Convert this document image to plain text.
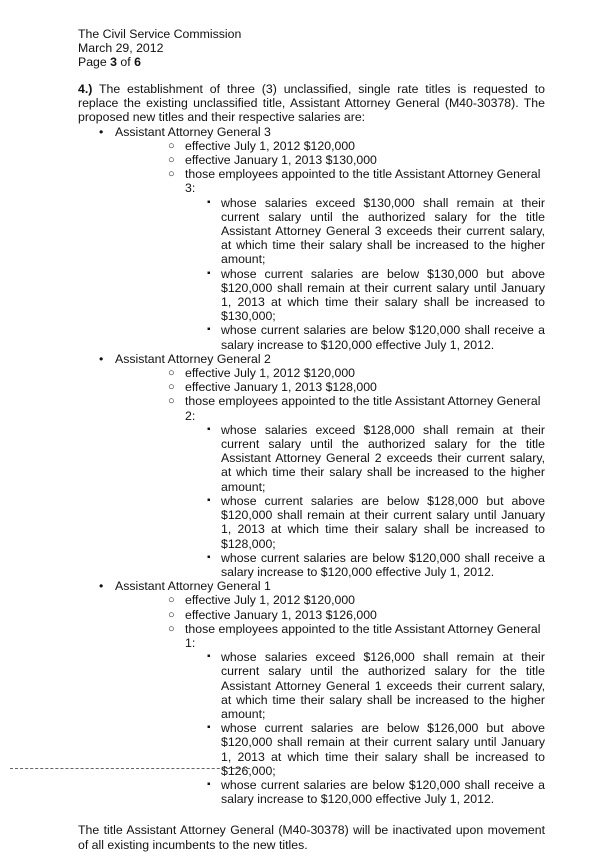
The Civil Service Commission
March 29, 2012
Page 3 of 6

4.) The establishment of three (3) unclassified, single rate titles is requested to replace the existing unclassified title, Assistant Attorney General (M40-30378). The proposed new titles and their respective salaries are:

• Assistant Attorney General 3
○ effective July 1, 2012 $120,000
○ effective January 1, 2013 $130,000
○ those employees appointed to the title Assistant Attorney General 3:
▪ whose salaries exceed $130,000 shall remain at their current salary until the authorized salary for the title Assistant Attorney General 3 exceeds their current salary, at which time their salary shall be increased to the higher amount;
▪ whose current salaries are below $130,000 but above $120,000 shall remain at their current salary until January 1, 2013 at which time their salary shall be increased to $130,000;
▪ whose current salaries are below $120,000 shall receive a salary increase to $120,000 effective July 1, 2012.
• Assistant Attorney General 2
○ effective July 1, 2012 $120,000
○ effective January 1, 2013 $128,000
○ those employees appointed to the title Assistant Attorney General 2:
▪ whose salaries exceed $128,000 shall remain at their current salary until the authorized salary for the title Assistant Attorney General 2 exceeds their current salary, at which time their salary shall be increased to the higher amount;
▪ whose current salaries are below $128,000 but above $120,000 shall remain at their current salary until January 1, 2013 at which time their salary shall be increased to $128,000;
▪ whose current salaries are below $120,000 shall receive a salary increase to $120,000 effective July 1, 2012.
• Assistant Attorney General 1
○ effective July 1, 2012 $120,000
○ effective January 1, 2013 $126,000
○ those employees appointed to the title Assistant Attorney General 1:
▪ whose salaries exceed $126,000 shall remain at their current salary until the authorized salary for the title Assistant Attorney General 1 exceeds their current salary, at which time their salary shall be increased to the higher amount;
▪ whose current salaries are below $126,000 but above $120,000 shall remain at their current salary until January 1, 2013 at which time their salary shall be increased to $126,000;
▪ whose current salaries are below $120,000 shall receive a salary increase to $120,000 effective July 1, 2012.

The title Assistant Attorney General (M40-30378) will be inactivated upon movement of all existing incumbents to the new titles.
